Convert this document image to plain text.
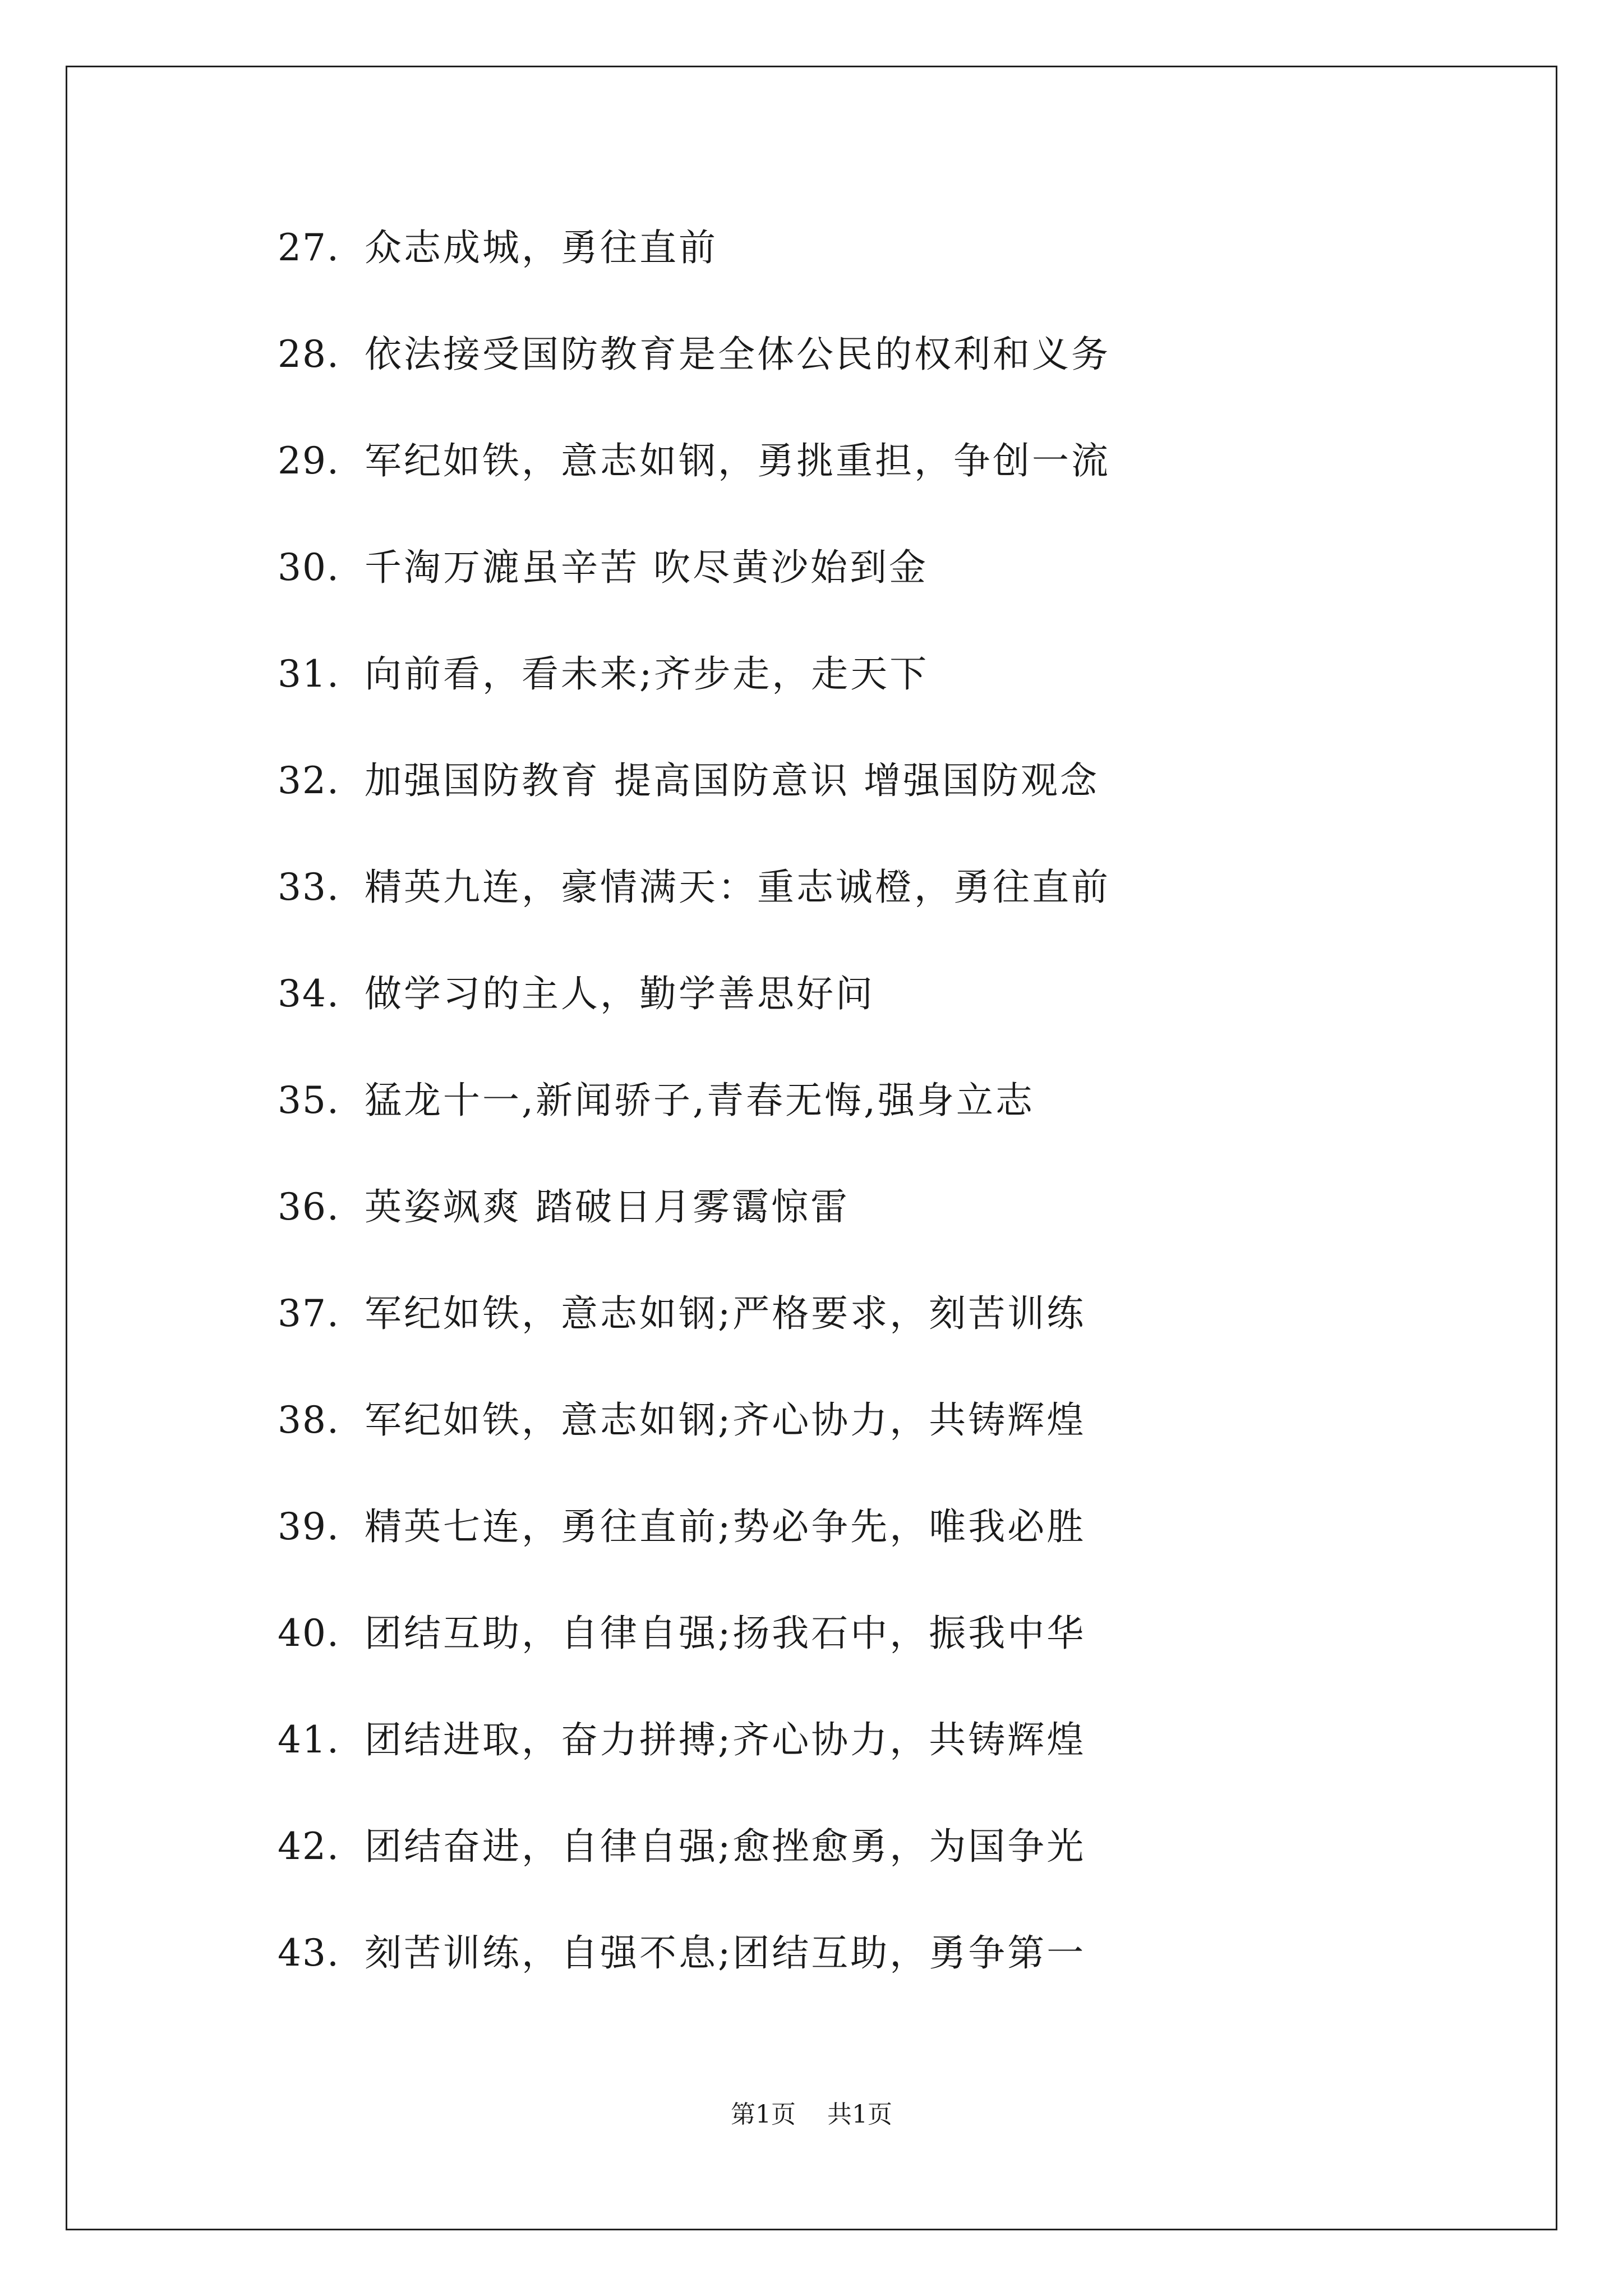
27. 众志成城，勇往直前
28. 依法接受国防教育是全体公民的权利和义务
29. 军纪如铁，意志如钢，勇挑重担，争创一流
30. 千淘万漉虽辛苦 吹尽黄沙始到金
31. 向前看，看未来;齐步走，走天下
32. 加强国防教育 提高国防意识 增强国防观念
33. 精英九连，豪情满天：重志诚橙，勇往直前
34. 做学习的主人，勤学善思好问
35. 猛龙十一,新闻骄子,青春无悔,强身立志
36. 英姿飒爽 踏破日月雾霭惊雷
37. 军纪如铁，意志如钢;严格要求，刻苦训练
38. 军纪如铁，意志如钢;齐心协力，共铸辉煌
39. 精英七连，勇往直前;势必争先，唯我必胜
40. 团结互助，自律自强;扬我石中，振我中华
41. 团结进取，奋力拼搏;齐心协力，共铸辉煌
42. 团结奋进，自律自强;愈挫愈勇，为国争光
43. 刻苦训练，自强不息;团结互助，勇争第一
第1页 共1页
